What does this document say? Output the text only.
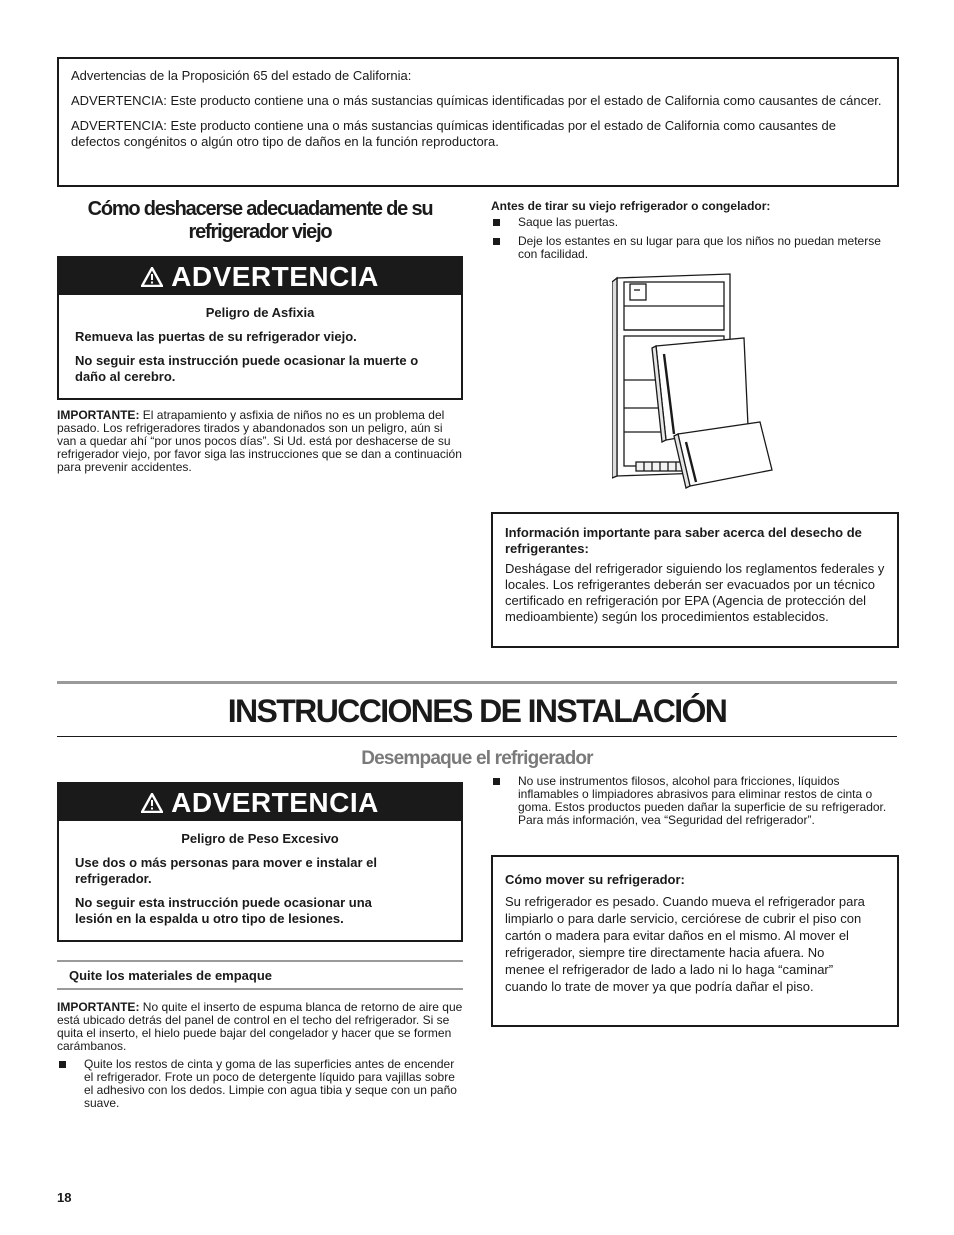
Advertencias de la Proposición 65 del estado de California:

ADVERTENCIA: Este producto contiene una o más sustancias químicas identificadas por el estado de California como causantes de cáncer.

ADVERTENCIA: Este producto contiene una o más sustancias químicas identificadas por el estado de California como causantes de defectos congénitos o algún otro tipo de daños en la función reproductora.

Cómo deshacerse adecuadamente de su refrigerador viejo
ADVERTENCIA

Peligro de Asfixia

Remueva las puertas de su refrigerador viejo.

No seguir esta instrucción puede ocasionar la muerte o daño al cerebro.

IMPORTANTE: El atrapamiento y asfixia de niños no es un problema del pasado. Los refrigeradores tirados y abandonados son un peligro, aún si van a quedar ahí “por unos pocos días”. Si Ud. está por deshacerse de su refrigerador viejo, por favor siga las instrucciones que se dan a continuación para prevenir accidentes.
Antes de tirar su viejo refrigerador o congelador:
Saque las puertas.
Deje los estantes en su lugar para que los niños no puedan meterse con facilidad.

Información importante para saber acerca del desecho de refrigerantes:

Deshágase del refrigerador siguiendo los reglamentos federales y locales. Los refrigerantes deberán ser evacuados por un técnico certificado en refrigeración por EPA (Agencia de protección del medioambiente) según los procedimientos establecidos.

INSTRUCCIONES DE INSTALACIÓN
Desempaque el refrigerador
ADVERTENCIA

Peligro de Peso Excesivo

Use dos o más personas para mover e instalar el refrigerador.

No seguir esta instrucción puede ocasionar una lesión en la espalda u otro tipo de lesiones.

Quite los materiales de empaque
IMPORTANTE: No quite el inserto de espuma blanca de retorno de aire que está ubicado detrás del panel de control en el techo del refrigerador. Si se quita el inserto, el hielo puede bajar del congelador y hacer que se formen carámbanos.
Quite los restos de cinta y goma de las superficies antes de encender el refrigerador. Frote un poco de detergente líquido para vajillas sobre el adhesivo con los dedos. Limpie con agua tibia y seque con un paño suave.
No use instrumentos filosos, alcohol para fricciones, líquidos inflamables o limpiadores abrasivos para eliminar restos de cinta o goma. Estos productos pueden dañar la superficie de su refrigerador. Para más información, vea “Seguridad del refrigerador”.

Cómo mover su refrigerador:

Su refrigerador es pesado. Cuando mueva el refrigerador para limpiarlo o para darle servicio, cerciórese de cubrir el piso con cartón o madera para evitar daños en el mismo. Al mover el refrigerador, siempre tire directamente hacia afuera. No menee el refrigerador de lado a lado ni lo haga “caminar” cuando lo trate de mover ya que podría dañar el piso.

18
